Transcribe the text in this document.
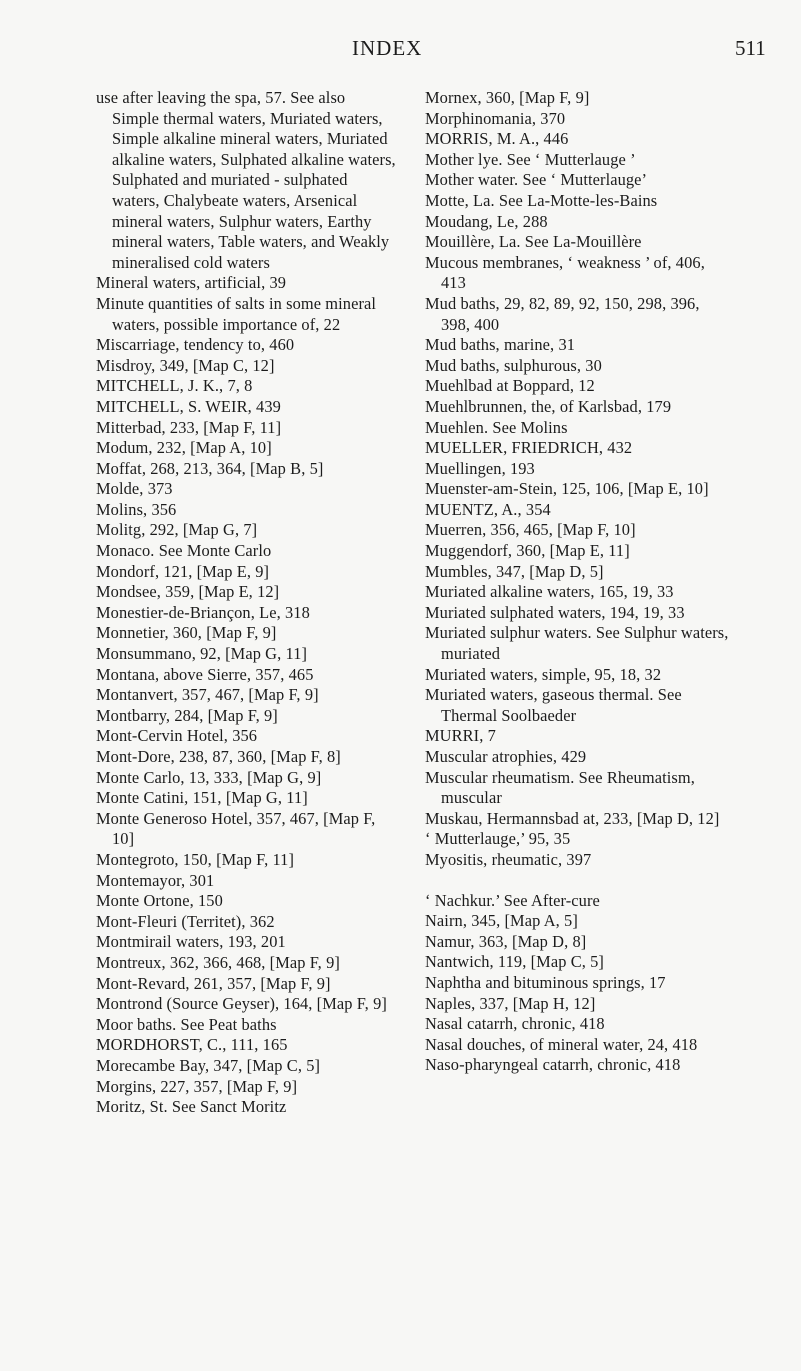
INDEX	511

use after leaving the spa, 57. See also Simple thermal waters, Muriated waters, Simple alkaline mineral waters, Muriated alkaline waters, Sulphated alkaline waters, Sulphated and muriated - sulphated waters, Chalybeate waters, Arsenical mineral waters, Sulphur waters, Earthy mineral waters, Table waters, and Weakly mineralised cold waters

Mineral waters, artificial, 39

Minute quantities of salts in some mineral waters, possible importance of, 22

Miscarriage, tendency to, 460

Misdroy, 349, [Map C, 12]

MITCHELL, J. K., 7, 8

MITCHELL, S. WEIR, 439

Mitterbad, 233, [Map F, 11]

Modum, 232, [Map A, 10]

Moffat, 268, 213, 364, [Map B, 5]

Molde, 373

Molins, 356

Molitg, 292, [Map G, 7]

Monaco. See Monte Carlo

Mondorf, 121, [Map E, 9]

Mondsee, 359, [Map E, 12]

Monestier-de-Briançon, Le, 318

Monnetier, 360, [Map F, 9]

Monsummano, 92, [Map G, 11]

Montana, above Sierre, 357, 465

Montanvert, 357, 467, [Map F, 9]

Montbarry, 284, [Map F, 9]

Mont-Cervin Hotel, 356

Mont-Dore, 238, 87, 360, [Map F, 8]

Monte Carlo, 13, 333, [Map G, 9]

Monte Catini, 151, [Map G, 11]

Monte Generoso Hotel, 357, 467, [Map F, 10]

Montegroto, 150, [Map F, 11]

Montemayor, 301

Monte Ortone, 150

Mont-Fleuri (Territet), 362

Montmirail waters, 193, 201

Montreux, 362, 366, 468, [Map F, 9]

Mont-Revard, 261, 357, [Map F, 9]

Montrond (Source Geyser), 164, [Map F, 9]

Moor baths. See Peat baths

MORDHORST, C., 111, 165

Morecambe Bay, 347, [Map C, 5]

Morgins, 227, 357, [Map F, 9]

Moritz, St. See Sanct Moritz

Mornex, 360, [Map F, 9]

Morphinomania, 370

MORRIS, M. A., 446

Mother lye. See ‘ Mutterlauge ’

Mother water. See ‘ Mutterlauge’

Motte, La. See La-Motte-les-Bains

Moudang, Le, 288

Mouillère, La. See La-Mouillère

Mucous membranes, ‘ weakness ’ of, 406, 413

Mud baths, 29, 82, 89, 92, 150, 298, 396, 398, 400

Mud baths, marine, 31

Mud baths, sulphurous, 30

Muehlbad at Boppard, 12

Muehlbrunnen, the, of Karlsbad, 179

Muehlen. See Molins

MUELLER, FRIEDRICH, 432

Muellingen, 193

Muenster-am-Stein, 125, 106, [Map E, 10]

MUENTZ, A., 354

Muerren, 356, 465, [Map F, 10]

Muggendorf, 360, [Map E, 11]

Mumbles, 347, [Map D, 5]

Muriated alkaline waters, 165, 19, 33

Muriated sulphated waters, 194, 19, 33

Muriated sulphur waters. See Sulphur waters, muriated

Muriated waters, simple, 95, 18, 32

Muriated waters, gaseous thermal. See Thermal Soolbaeder

MURRI, 7

Muscular atrophies, 429

Muscular rheumatism. See Rheumatism, muscular

Muskau, Hermannsbad at, 233, [Map D, 12]

‘ Mutterlauge,’ 95, 35

Myositis, rheumatic, 397

‘ Nachkur.’ See After-cure

Nairn, 345, [Map A, 5]

Namur, 363, [Map D, 8]

Nantwich, 119, [Map C, 5]

Naphtha and bituminous springs, 17

Naples, 337, [Map H, 12]

Nasal catarrh, chronic, 418

Nasal douches, of mineral water, 24, 418

Naso-pharyngeal catarrh, chronic, 418
